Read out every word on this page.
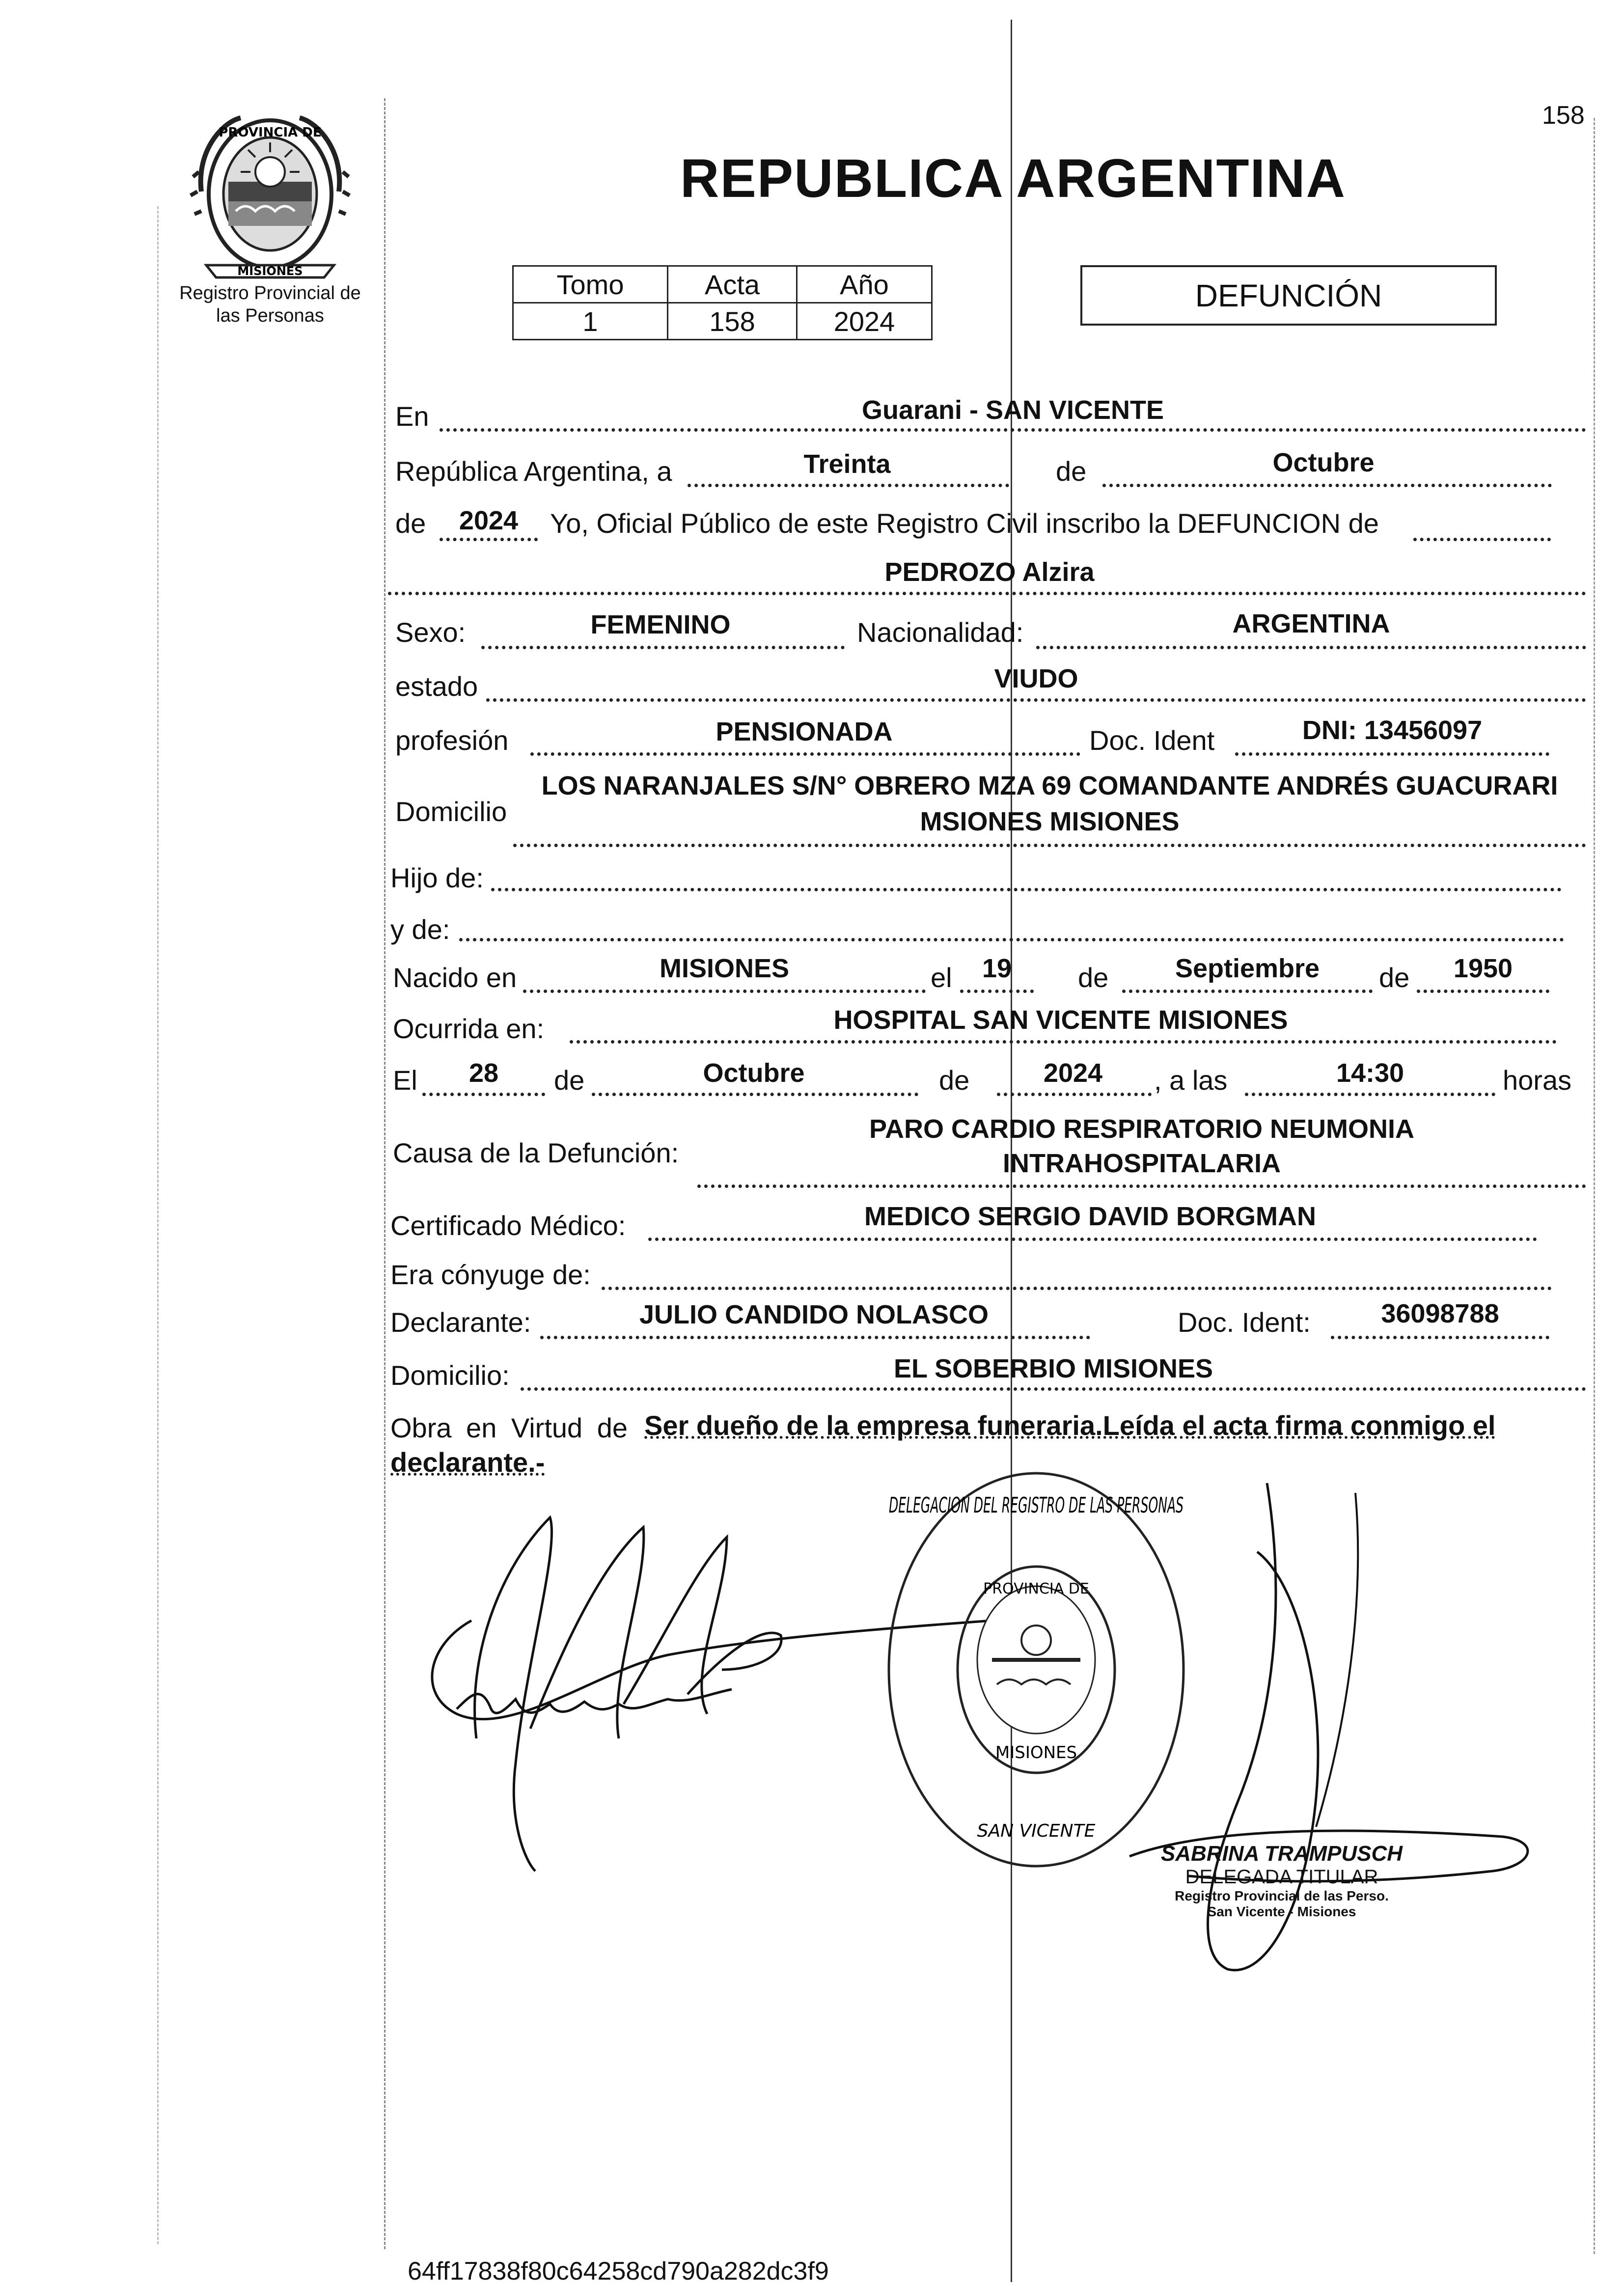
158
REPUBLICA ARGENTINA
PROVINCIA DE
MISIONES
Registro Provincial de
las Personas
Tomo	Acta	Año
1	158	2024
DEFUNCIÓN
En	Guarani - SAN VICENTE
República Argentina, a	Treinta	de	Octubre
de	2024	Yo, Oficial Público de este Registro Civil inscribo la DEFUNCION de
PEDROZO Alzira
Sexo:	FEMENINO	Nacionalidad:	ARGENTINA
estado	VIUDO
profesión	PENSIONADA	Doc. Ident	DNI: 13456097
Domicilio
LOS NARANJALES S/N° OBRERO MZA 69 COMANDANTE ANDRÉS GUACURARI
MSIONES MISIONES
Hijo de:
y de:
Nacido en	MISIONES	el	19	de	Septiembre	de	1950
Ocurrida en:	HOSPITAL SAN VICENTE MISIONES
El	28	de	Octubre	de	2024	, a las	14:30	horas
Causa de la Defunción:
PARO CARDIO RESPIRATORIO NEUMONIA
INTRAHOSPITALARIA
Certificado Médico:	MEDICO SERGIO DAVID BORGMAN
Era cónyuge de:
Declarante:	JULIO CANDIDO NOLASCO	Doc. Ident:	36098788
Domicilio:	EL SOBERBIO MISIONES
Obra en Virtud de Ser dueño de la empresa funeraria.Leída el acta firma conmigo el
declarante.-
DELEGACION DEL REGISTRO DE LAS PERSONAS
PROVINCIA DE
MISIONES
SAN VICENTE
SABRINA TRAMPUSCH
DELEGADA TITULAR
Registro Provincial de las Perso.
San Vicente - Misiones
64ff17838f80c64258cd790a282dc3f9
